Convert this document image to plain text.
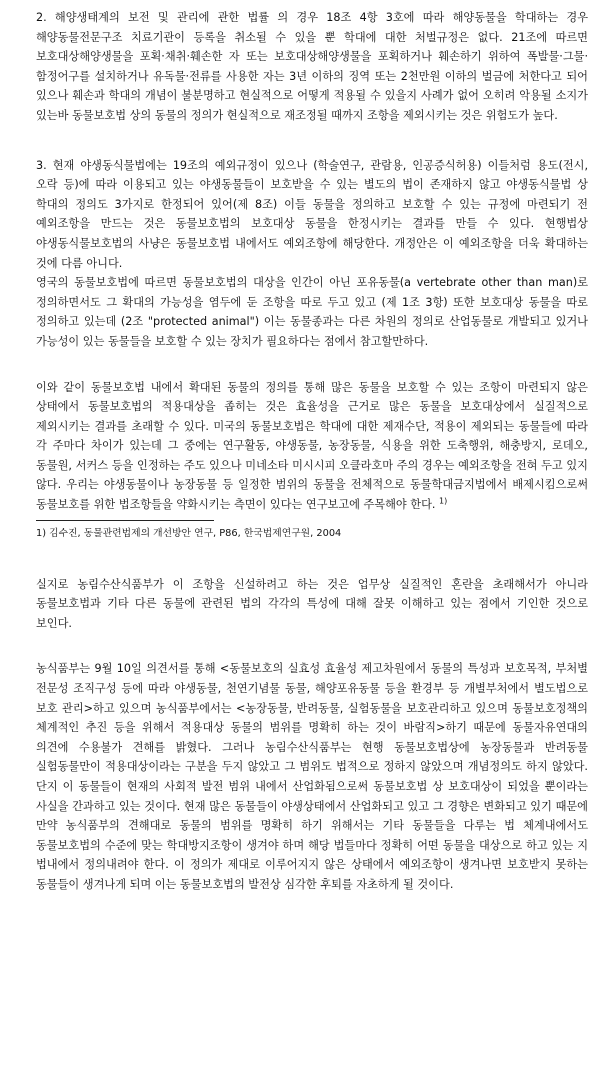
2. 해양생태계의 보전 및 관리에 관한 법률 의 경우 18조 4항 3호에 따라 해양동물을 학대하는 경우 해양동물전문구조 치료기관이 등록을 취소될 수 있을 뿐 학대에 대한 처벌규정은 없다. 21조에 따르면 보호대상해양생물을 포획·채취·훼손한 자 또는 보호대상해양생물을 포획하거나 훼손하기 위하여 폭발물·그물·함정어구를 설치하거나 유독물·전류를 사용한 자는 3년 이하의 징역 또는 2천만원 이하의 벌금에 처한다고 되어 있으나 훼손과 학대의 개념이 불분명하고 현실적으로 어떻게 적용될 수 있을지 사례가 없어 오히려 악용될 소지가 있는바 동물보호법 상의 동물의 정의가 현실적으로 재조정될 때까지 조항을 제외시키는 것은 위험도가 높다.

3. 현재 야생동식물법에는 19조의 예외규정이 있으나 (학술연구, 관람용, 인공증식허용) 이들처럼 용도(전시, 오락 등)에 따라 이용되고 있는 야생동물들이 보호받을 수 있는 별도의 법이 존재하지 않고 야생동식물법 상 학대의 정의도 3가지로 한정되어 있어(제 8조) 이들 동물을 정의하고 보호할 수 있는 규정에 마련되기 전 예외조항을 만드는 것은 동물보호법의 보호대상 동물을 한정시키는 결과를 만들 수 있다. 현행법상 야생동식물보호법의 사냥은 동물보호법 내에서도 예외조항에 해당한다. 개정안은 이 예외조항을 더욱 확대하는 것에 다름 아니다.

영국의 동물보호법에 따르면 동물보호법의 대상을 인간이 아닌 포유동물(a vertebrate other than man)로 정의하면서도 그 확대의 가능성을 염두에 둔 조항을 따로 두고 있고 (제 1조 3항) 또한 보호대상 동물을 따로 정의하고 있는데 (2조 "protected animal") 이는 동물종과는 다른 차원의 정의로 산업동물로 개발되고 있거나 가능성이 있는 동물들을 보호할 수 있는 장치가 필요하다는 점에서 참고할만하다.

이와 같이 동물보호법 내에서 확대된 동물의 정의를 통해 많은 동물을 보호할 수 있는 조항이 마련되지 않은 상태에서 동물보호법의 적용대상을 좁히는 것은 효율성을 근거로 많은 동물을 보호대상에서 실질적으로 제외시키는 결과를 초래할 수 있다. 미국의 동물보호법은 학대에 대한 제재수단, 적용이 제외되는 동물들에 따라 각 주마다 차이가 있는데 그 중에는 연구활동, 야생동물, 농장동물, 식용을 위한 도축행위, 해충방지, 로데오, 동물원, 서커스 등을 인정하는 주도 있으나 미네소타 미시시피 오클라호마 주의 경우는 예외조항을 전혀 두고 있지 않다. 우리는 야생동물이나 농장동물 등 일정한 범위의 동물을 전체적으로 동물학대금지법에서 배제시킴으로써 동물보호를 위한 법조항들을 약화시키는 측면이 있다는 연구보고에 주목해야 한다. $^{1)}$

1) 김수진, 동물관련법제의 개선방안 연구, P86, 한국법제연구원, 2004

실지로 농림수산식품부가 이 조항을 신설하려고 하는 것은 업무상 실질적인 혼란을 초래해서가 아니라 동물보호법과 기타 다른 동물에 관련된 법의 각각의 특성에 대해 잘못 이해하고 있는 점에서 기인한 것으로 보인다.

농식품부는 9월 10일 의견서를 통해 <동물보호의 실효성 효율성 제고차원에서 동물의 특성과 보호목적, 부처별 전문성 조직구성 등에 따라 야생동물, 천연기념물 동물, 해양포유동물 등을 환경부 등 개별부처에서 별도법으로 보호 관리>하고 있으며 농식품부에서는 <농장동물, 반려동물, 실험동물을 보호관리하고 있으며 동물보호정책의 체계적인 추진 등을 위해서 적용대상 동물의 범위를 명확히 하는 것이 바람직>하기 때문에 동물자유연대의 의견에 수용불가 견해를 밝혔다. 그러나 농림수산식품부는 현행 동물보호법상에 농장동물과 반려동물 실험동물만이 적용대상이라는 구분을 두지 않았고 그 범위도 법적으로 정하지 않았으며 개념정의도 하지 않았다. 단지 이 동물들이 현재의 사회적 발전 범위 내에서 산업화됨으로써 동물보호법 상 보호대상이 되었을 뿐이라는 사실을 간과하고 있는 것이다. 현재 많은 동물들이 야생상태에서 산업화되고 있고 그 경향은 변화되고 있기 때문에 만약 농식품부의 견해대로 동물의 범위를 명확히 하기 위해서는 기타 동물들을 다루는 법 체계내에서도 동물보호법의 수준에 맞는 학대방지조항이 생겨야 하며 해당 법들마다 정확히 어떤 동물을 대상으로 하고 있는 지 법내에서 정의내려야 한다. 이 정의가 제대로 이루어지지 않은 상태에서 예외조항이 생겨나면 보호받지 못하는 동물들이 생겨나게 되며 이는 동물보호법의 발전상 심각한 후퇴를 자초하게 될 것이다.
